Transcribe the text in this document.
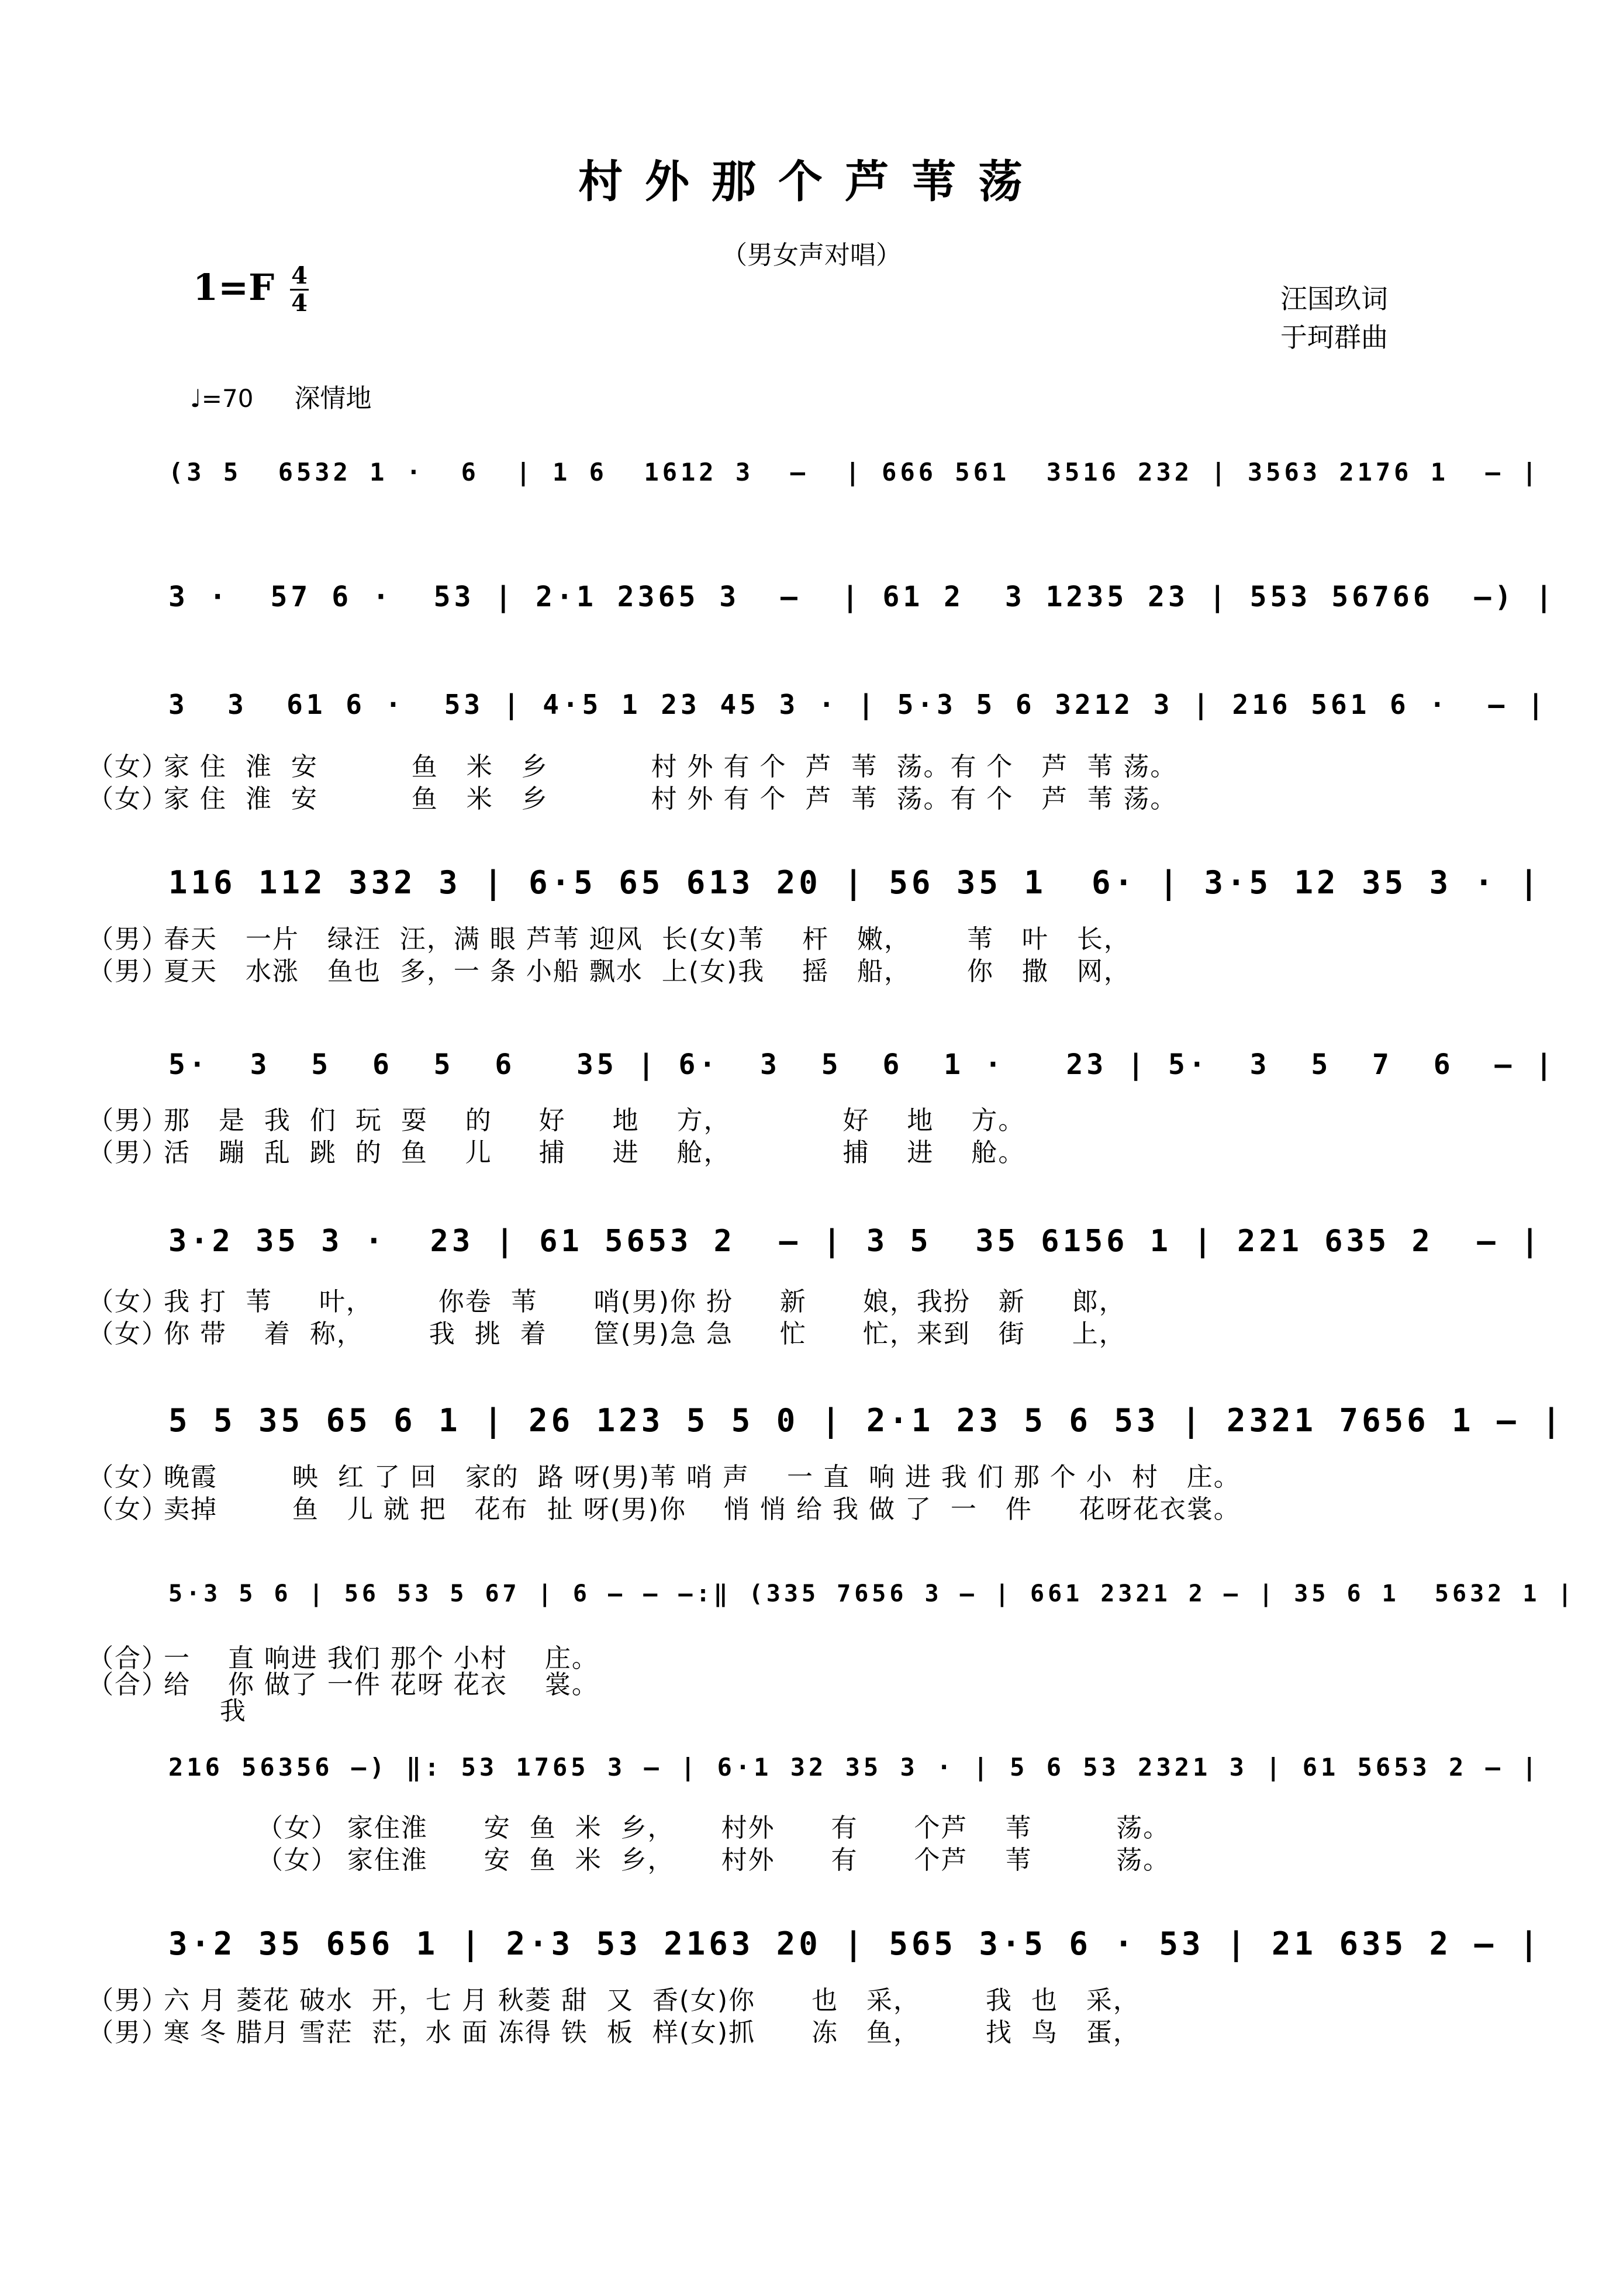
村外那个芦苇荡
（男女声对唱）
1=F 4
4	汪国玖词
于珂群曲
♩=70 深情地
(3 5  6532 1 ·  6  | 1 6  1612 3  –  | 666 561  3516 232 | 3563 2176 1  – |
3 ·  57 6 ·  53 | 2·1 2365 3  –  | 61 2  3 1235 23 | 553 56766  –) |
3  3  61 6 ·  53 | 4·5 1 23 45 3 · | 5·3 5 6 3212 3 | 216 561 6 ·  – |
（女）家 住  淮  安          鱼   米   乡           村 外 有 个  芦  苇  荡。有 个   芦  苇 荡。
（女）家 住  淮  安          鱼   米   乡           村 外 有 个  芦  苇  荡。有 个   芦  苇 荡。
116 112 332 3 | 6·5 65 613 20 | 56 35 1  6· | 3·5 12 35 3 · |
（男）春天   一片   绿汪  汪，满 眼 芦苇 迎风  长(女)苇    杆   嫩，      苇   叶   长，
（男）夏天   水涨   鱼也  多，一 条 小船 飘水  上(女)我    摇   船，      你   撒   网，
5·  3  5  6  5  6   35 | 6·  3  5  6  1 ·   23 | 5·  3  5  7  6  – |
（男）那   是  我  们  玩  耍    的     好     地    方，            好    地    方。
（男）活   蹦  乱  跳  的  鱼    儿     捕     进    舱，            捕    进    舱。
3·2 35 3 ·  23 | 61 5653 2  – | 3 5  35 6156 1 | 221 635 2  – |
（女）我 打  苇     叶，       你卷  苇      哨(男)你 扮     新      娘，我扮   新     郎，
（女）你 带    着  称，       我  挑  着     筐(男)急 急     忙      忙，来到   街     上，
5 5 35 65 6 1 | 26 123 5 5 0 | 2·1 23 5 6 53 | 2321 7656 1 – |
（女）晚霞        映  红 了 回   家的  路 呀(男)苇 哨 声    一 直  响 进 我 们 那 个 小  村   庄。
（女）卖掉        鱼   儿 就 把   花布  扯 呀(男)你    悄 悄 给 我 做 了  一   件     花呀花衣裳。
5·3 5 6 | 56 53 5 67 | 6 – – –:‖ (335 7656 3 – | 661 2321 2 – | 35 6 1  5632 1 |
（合）一    直 响进 我们 那个 小村    庄。
（合）给    你 做了 一件 花呀 花衣    裳。
我
216 56356 –) ‖: 53 1765 3 – | 6·1 32 35 3 · | 5 6 53 2321 3 | 61 5653 2 – |
（女） 家住淮      安  鱼  米  乡，     村外      有      个芦    苇         荡。
（女） 家住淮      安  鱼  米  乡，     村外      有      个芦    苇         荡。
3·2 35 656 1 | 2·3 53 2163 20 | 565 3·5 6 · 53 | 21 635 2 – |
（男）六 月 菱花 破水  开，七 月 秋菱 甜  又  香(女)你      也   采，       我  也   采，
（男）寒 冬 腊月 雪茫  茫，水 面 冻得 铁  板  样(女)抓      冻   鱼，       找  鸟   蛋，
